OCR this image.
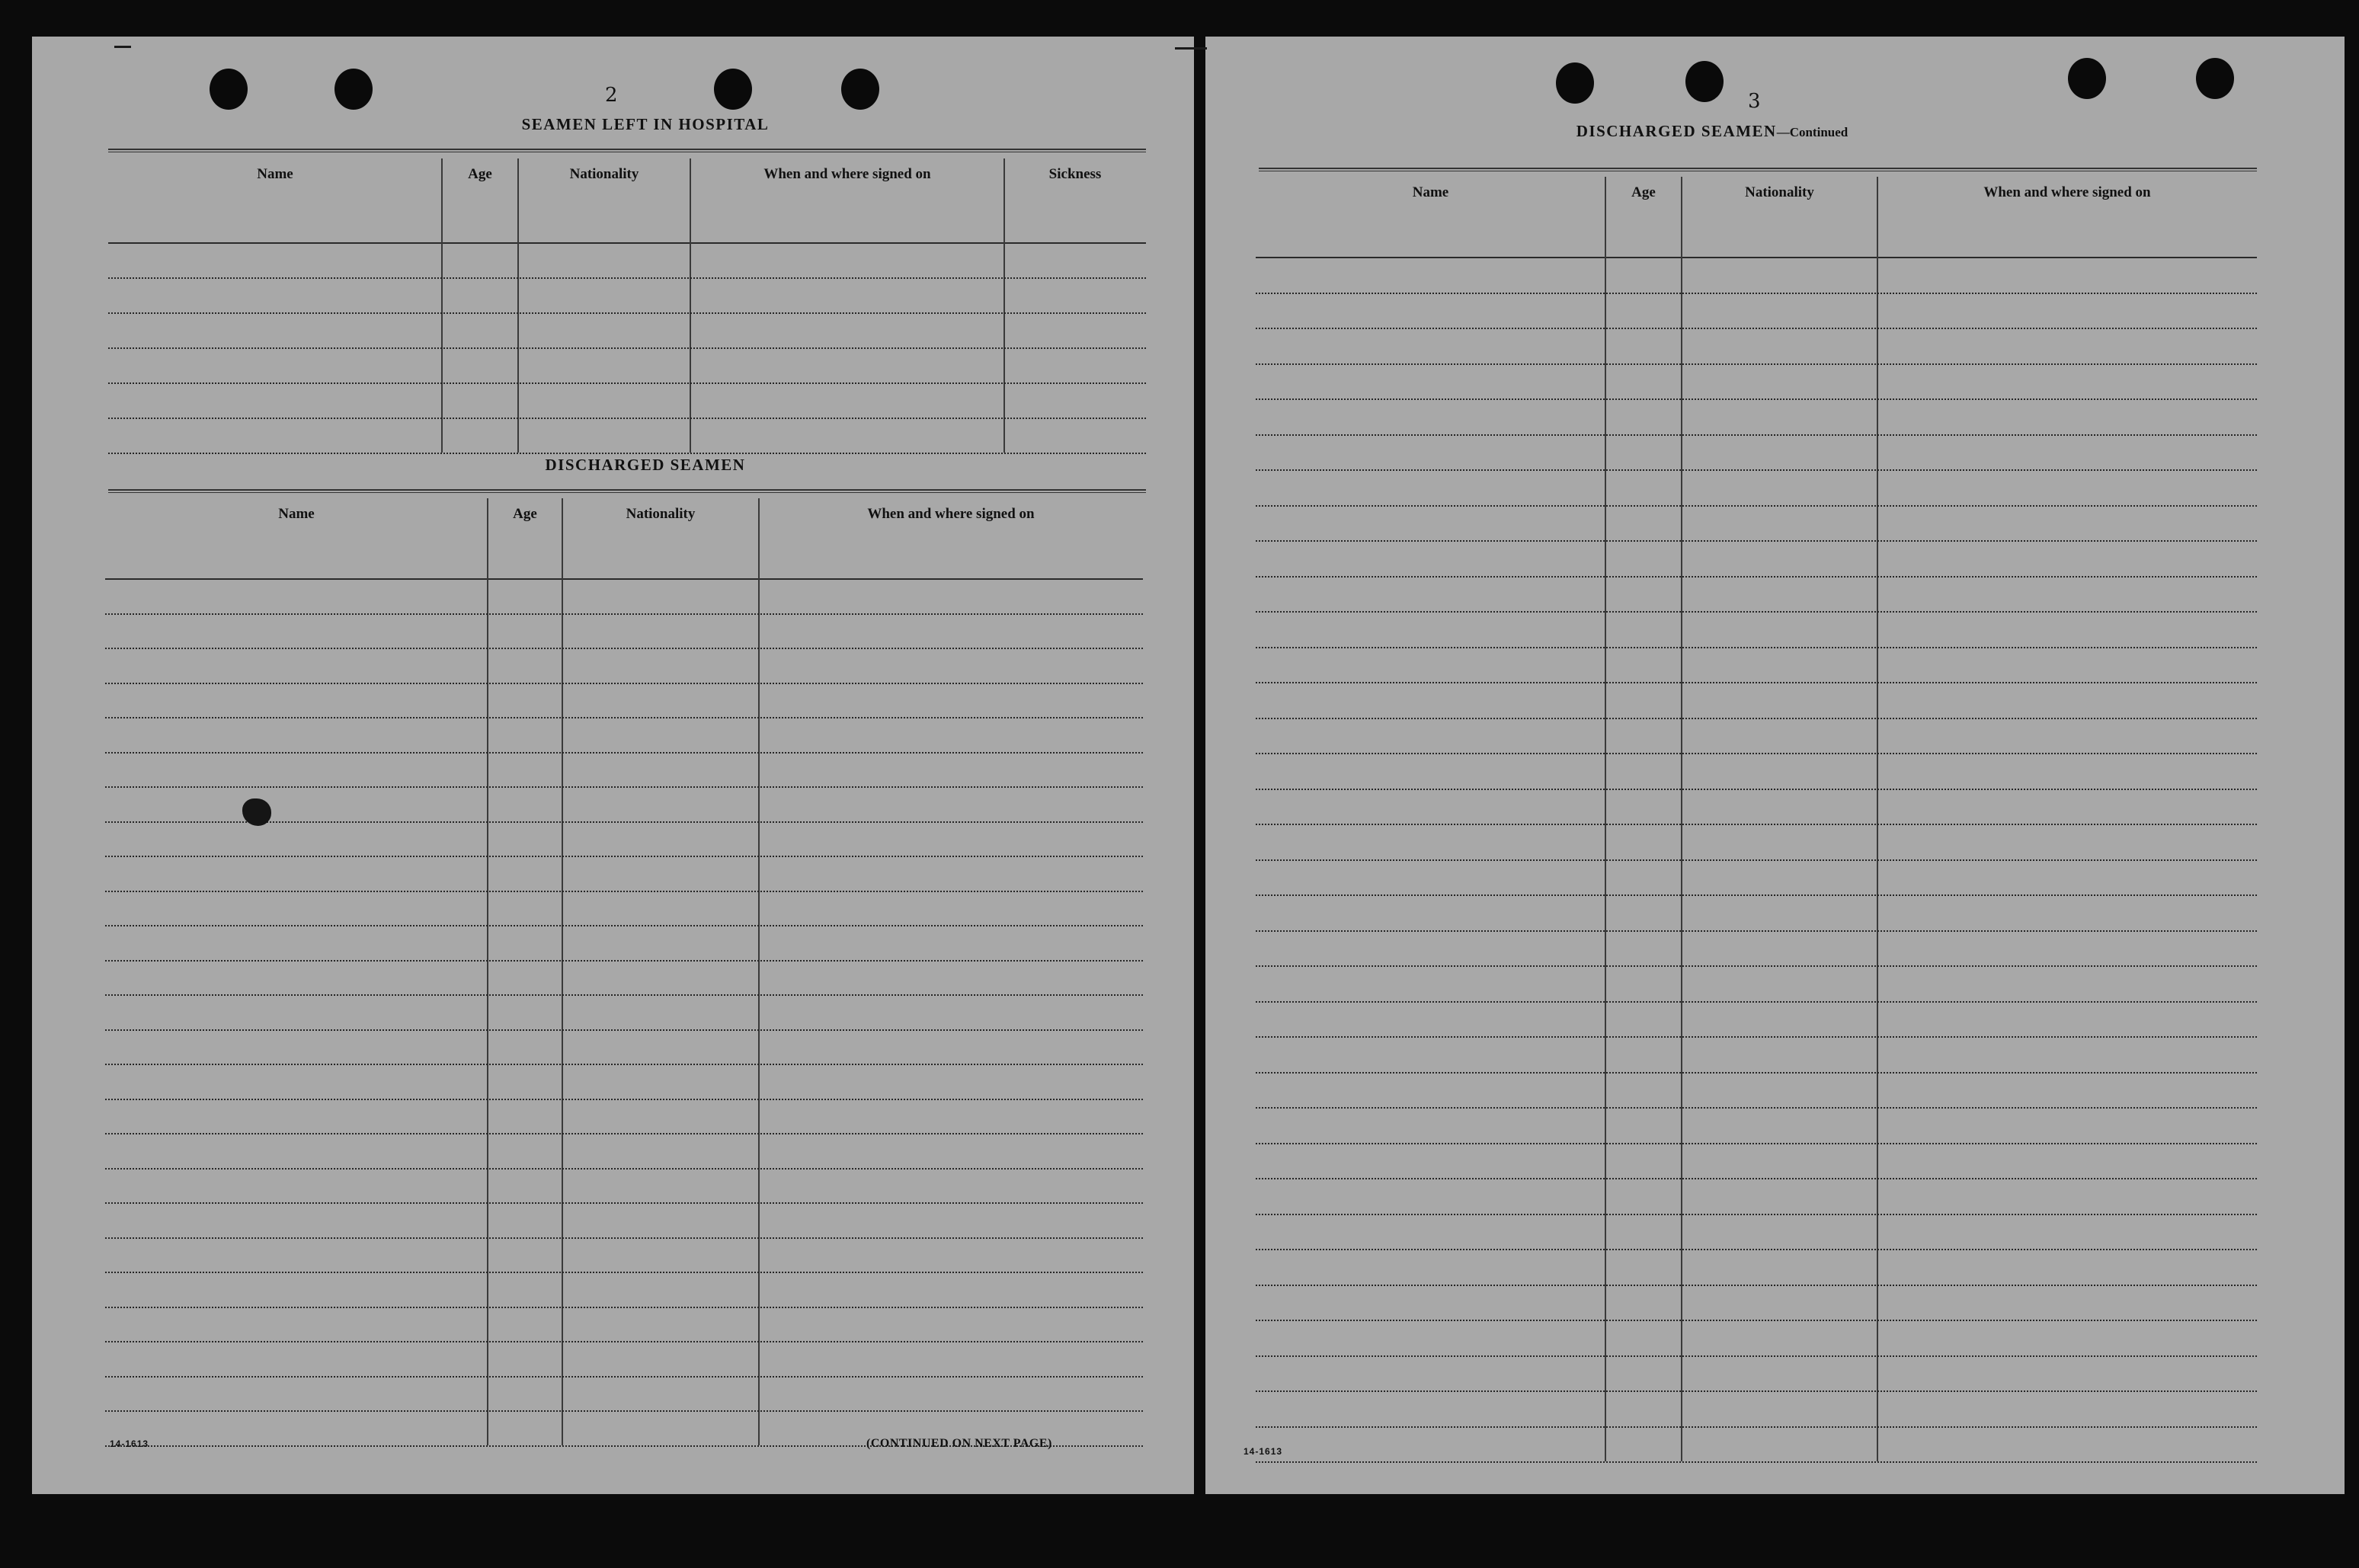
2
SEAMEN LEFT IN HOSPITAL
Name	Age	Nationality	When and where signed on	Sickness
DISCHARGED SEAMEN
Name	Age	Nationality	When and where signed on
14-1613	(CONTINUED ON NEXT PAGE)
3
DISCHARGED SEAMEN—Continued
Name	Age	Nationality	When and where signed on
14-1613
